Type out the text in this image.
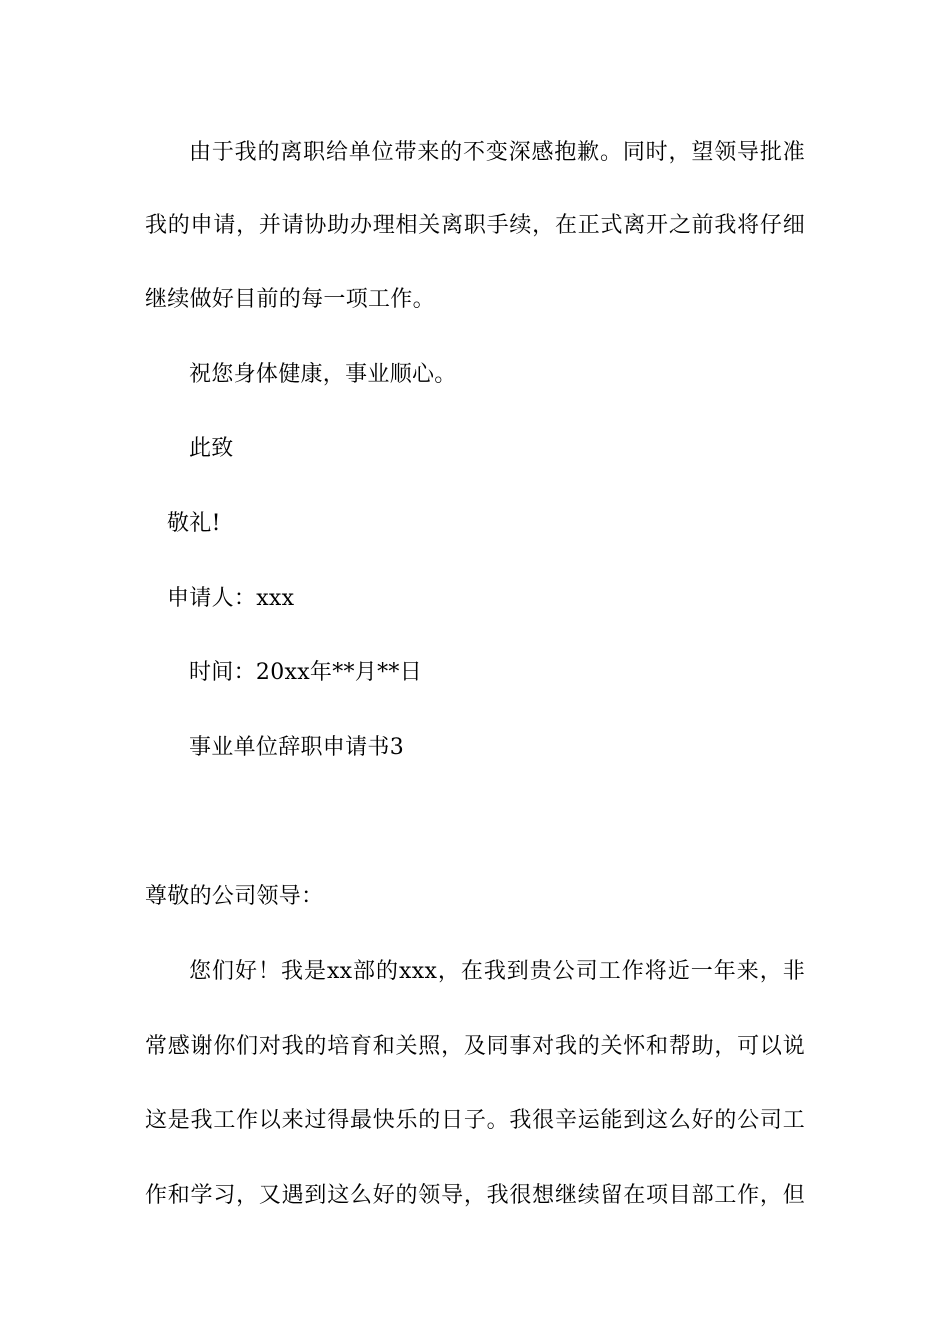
由于我的离职给单位带来的不变深感抱歉。同时，望领导批准
我的申请，并请协助办理相关离职手续，在正式离开之前我将仔细
继续做好目前的每一项工作。
祝您身体健康，事业顺心。
此致
敬礼!
申请人：xxx
时间：20xx年**月**日
事业单位辞职申请书3
尊敬的公司领导：
您们好！我是xx部的xxx，在我到贵公司工作将近一年来，非
常感谢你们对我的培育和关照，及同事对我的关怀和帮助，可以说
这是我工作以来过得最快乐的日子。我很辛运能到这么好的公司工
作和学习，又遇到这么好的领导，我很想继续留在项目部工作，但
